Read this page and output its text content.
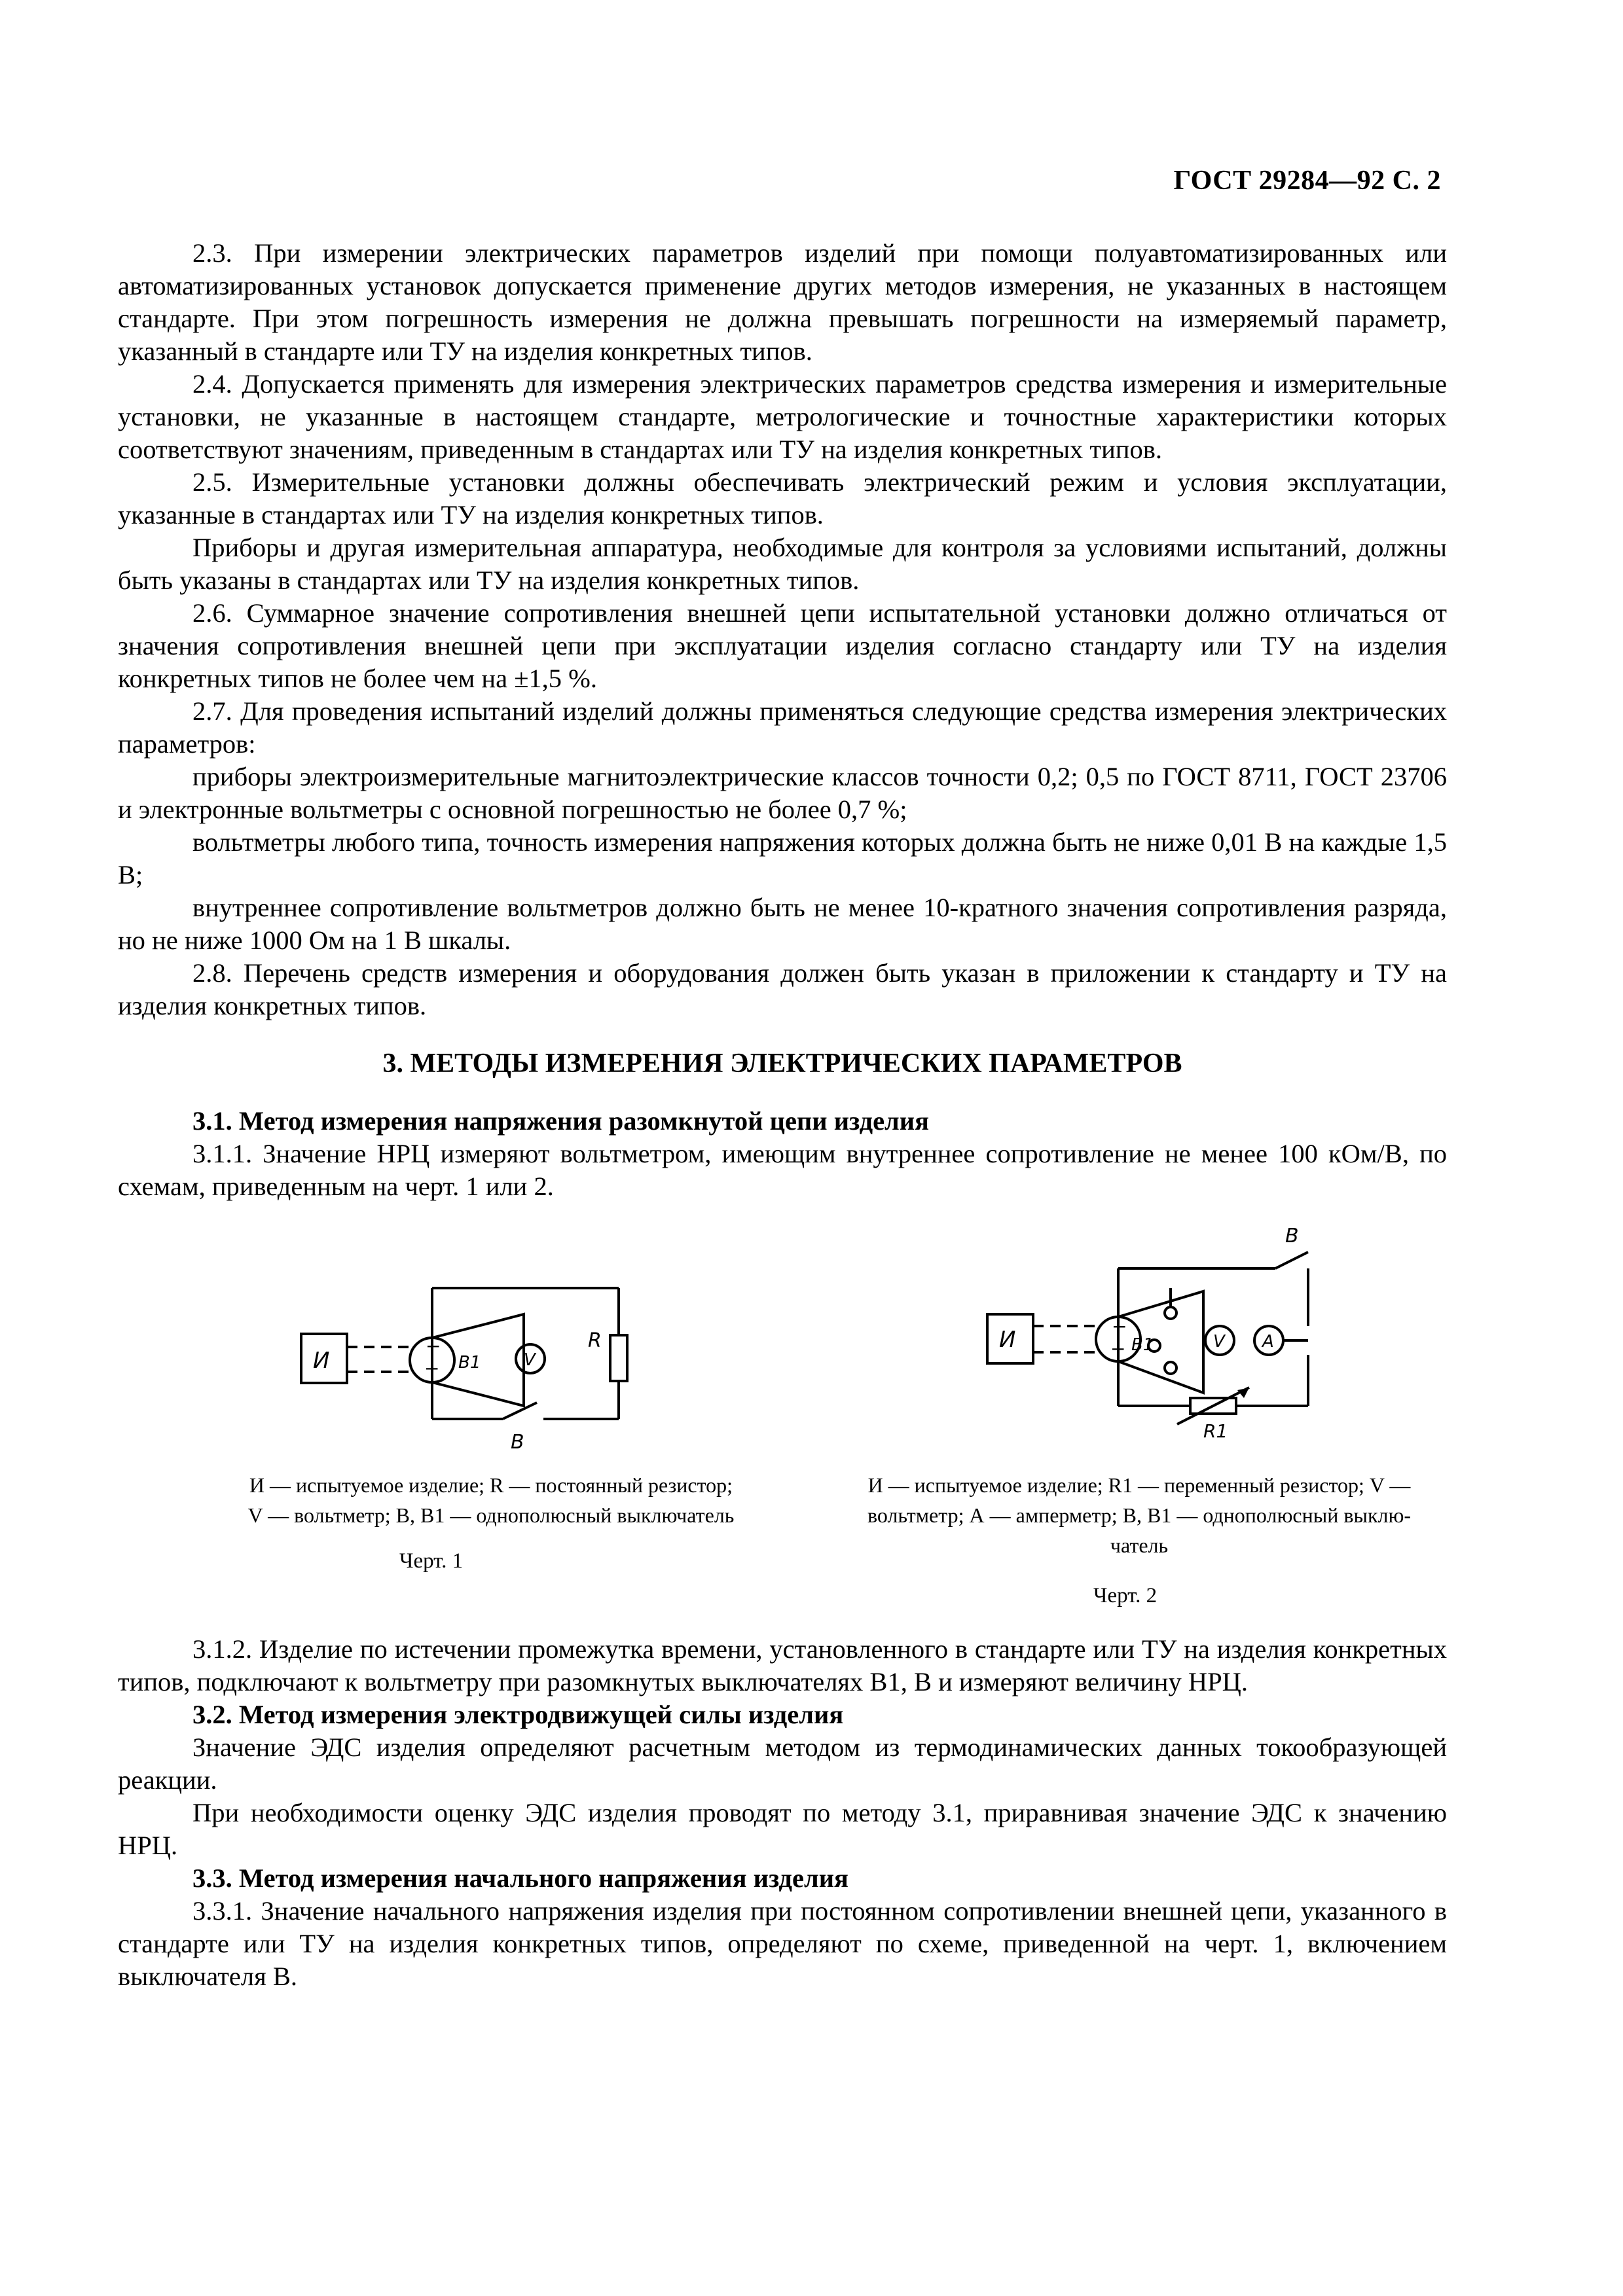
ГОСТ 29284—92 С. 2

2.3. При измерении электрических параметров изделий при помощи полуавтоматизированных или автоматизированных установок допускается применение других методов измерения, не указанных в настоящем стандарте. При этом погрешность измерения не должна превышать погрешности на измеряемый параметр, указанный в стандарте или ТУ на изделия конкретных типов.

2.4. Допускается применять для измерения электрических параметров средства измерения и измерительные установки, не указанные в настоящем стандарте, метрологические и точностные характеристики которых соответствуют значениям, приведенным в стандартах или ТУ на изделия конкретных типов.

2.5. Измерительные установки должны обеспечивать электрический режим и условия эксплуатации, указанные в стандартах или ТУ на изделия конкретных типов.

Приборы и другая измерительная аппаратура, необходимые для контроля за условиями испытаний, должны быть указаны в стандартах или ТУ на изделия конкретных типов.

2.6. Суммарное значение сопротивления внешней цепи испытательной установки должно отличаться от значения сопротивления внешней цепи при эксплуатации изделия согласно стандарту или ТУ на изделия конкретных типов не более чем на ±1,5 %.

2.7. Для проведения испытаний изделий должны применяться следующие средства измерения электрических параметров:

приборы электроизмерительные магнитоэлектрические классов точности 0,2; 0,5 по ГОСТ 8711, ГОСТ 23706 и электронные вольтметры с основной погрешностью не более 0,7 %;

вольтметры любого типа, точность измерения напряжения которых должна быть не ниже 0,01 В на каждые 1,5 В;

внутреннее сопротивление вольтметров должно быть не менее 10-кратного значения сопротивления разряда, но не ниже 1000 Ом на 1 В шкалы.

2.8. Перечень средств измерения и оборудования должен быть указан в приложении к стандарту и ТУ на изделия конкретных типов.

3. МЕТОДЫ ИЗМЕРЕНИЯ ЭЛЕКТРИЧЕСКИХ ПАРАМЕТРОВ

3.1. Метод измерения напряжения разомкнутой цепи изделия

3.1.1. Значение НРЦ измеряют вольтметром, имеющим внутреннее сопротивление не менее 100 кОм/В, по схемам, приведенным на черт. 1 или 2.

И
−
+ В1	V
R
В
И
−
+ В1	V A
R1
В
И — испытуемое изделие; R — постоянный резистор;
V — вольтметр; В, В1 — однополюсный выключатель
Черт. 1
И — испытуемое изделие; R1 — переменный резистор; V —
вольтметр; А — амперметр; В, В1 — однополюсный выклю-
чатель
Черт. 2

3.1.2. Изделие по истечении промежутка времени, установленного в стандарте или ТУ на изделия конкретных типов, подключают к вольтметру при разомкнутых выключателях В1, В и измеряют величину НРЦ.

3.2. Метод измерения электродвижущей силы изделия

Значение ЭДС изделия определяют расчетным методом из термодинамических данных токообразующей реакции.

При необходимости оценку ЭДС изделия проводят по методу 3.1, приравнивая значение ЭДС к значению НРЦ.

3.3. Метод измерения начального напряжения изделия

3.3.1. Значение начального напряжения изделия при постоянном сопротивлении внешней цепи, указанного в стандарте или ТУ на изделия конкретных типов, определяют по схеме, приведенной на черт. 1, включением выключателя В.
